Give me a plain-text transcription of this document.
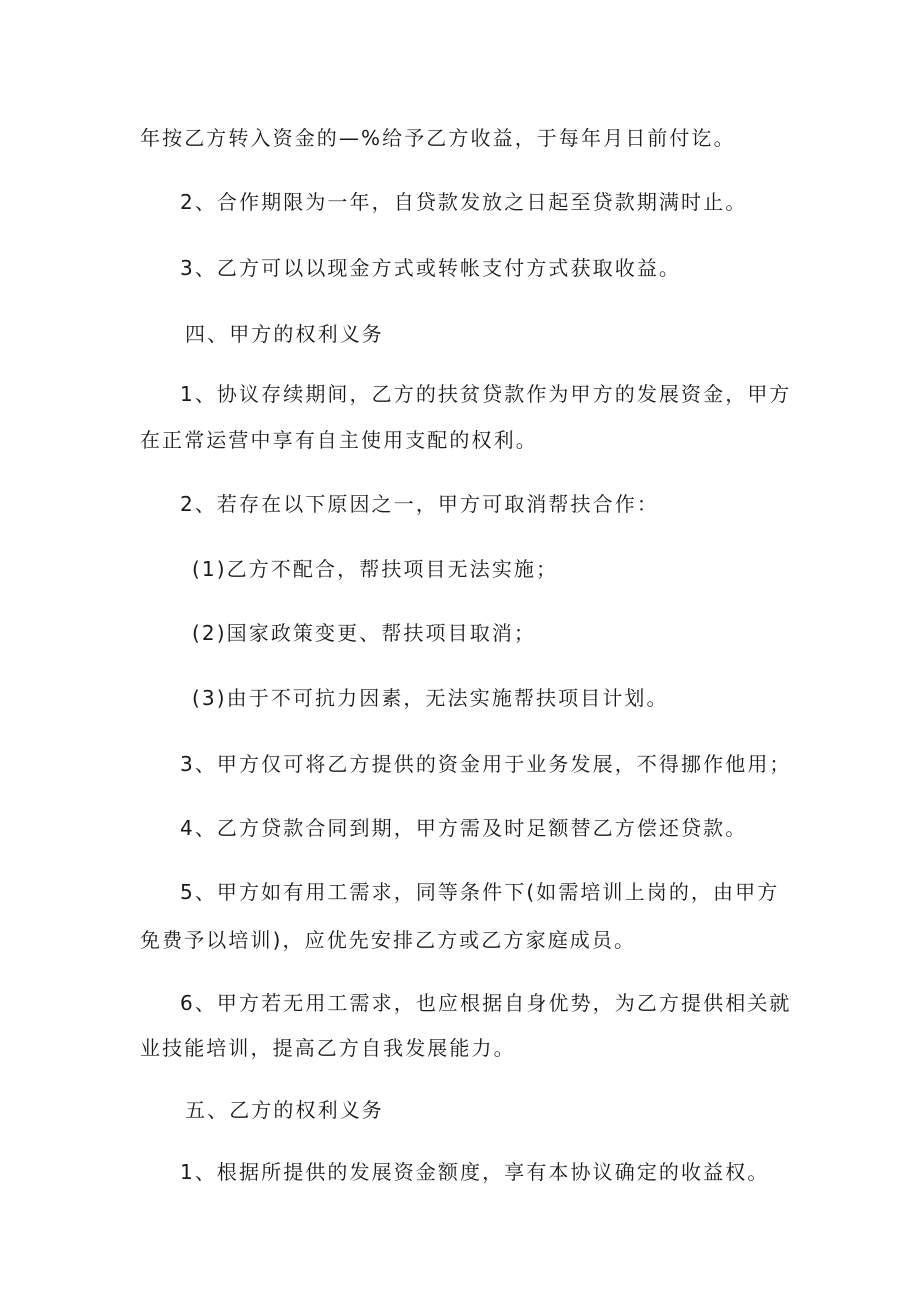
年按乙方转入资金的—%给予乙方收益，于每年月日前付讫。
2、合作期限为一年，自贷款发放之日起至贷款期满时止。
3、乙方可以以现金方式或转帐支付方式获取收益。
四、甲方的权利义务
1、协议存续期间，乙方的扶贫贷款作为甲方的发展资金，甲方
在正常运营中享有自主使用支配的权利。
2、若存在以下原因之一，甲方可取消帮扶合作：
(1)乙方不配合，帮扶项目无法实施；
(2)国家政策变更、帮扶项目取消；
(3)由于不可抗力因素，无法实施帮扶项目计划。
3、甲方仅可将乙方提供的资金用于业务发展，不得挪作他用；
4、乙方贷款合同到期，甲方需及时足额替乙方偿还贷款。
5、甲方如有用工需求，同等条件下(如需培训上岗的，由甲方
免费予以培训)，应优先安排乙方或乙方家庭成员。
6、甲方若无用工需求，也应根据自身优势，为乙方提供相关就
业技能培训，提高乙方自我发展能力。
五、乙方的权利义务
1、根据所提供的发展资金额度，享有本协议确定的收益权。
